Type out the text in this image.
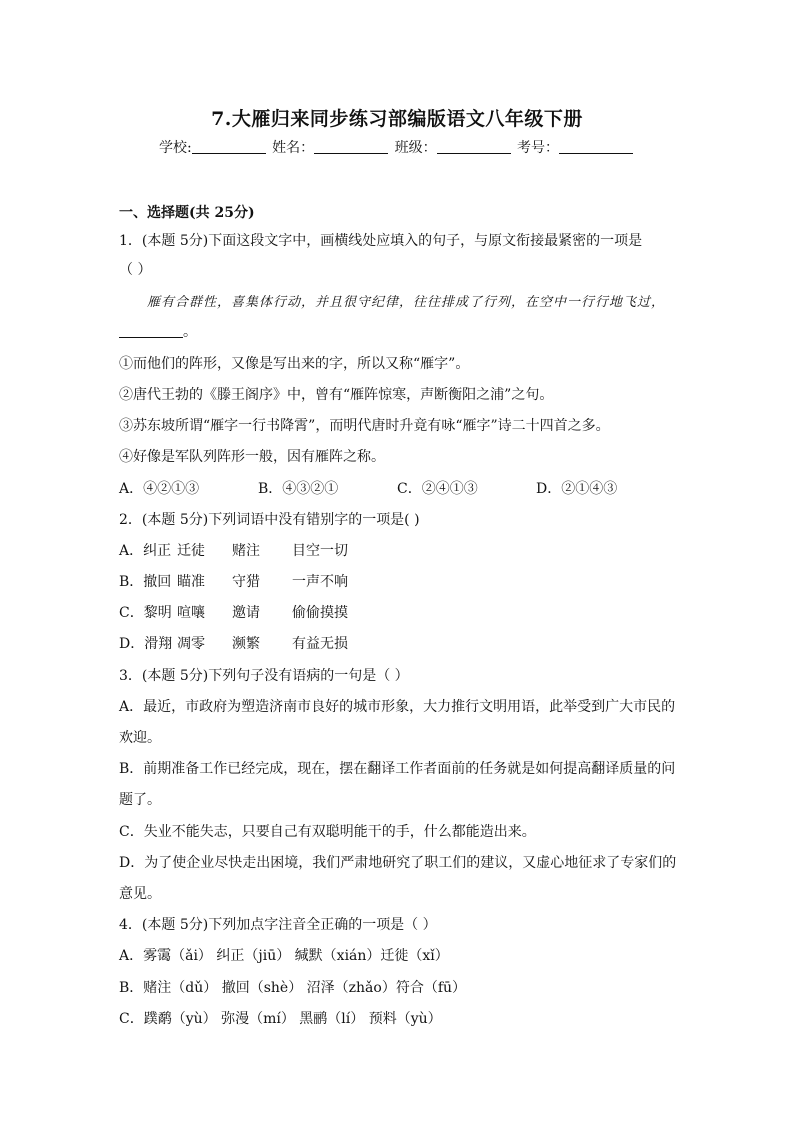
7.大雁归来同步练习部编版语文八年级下册
学校:	姓名：	班级：	考号：
一、选择题(共 25分)
1．(本题 5分)下面这段文字中，画横线处应填入的句子，与原文衔接最紧密的一项是
（ ）
雁有合群性，喜集体行动，并且很守纪律，往往排成了行列，在空中一行行地飞过，
。
①而他们的阵形，又像是写出来的字，所以又称“雁字”。
②唐代王勃的《滕王阁序》中，曾有“雁阵惊寒，声断衡阳之浦”之句。
③苏东坡所谓“雁字一行书降霄”，而明代唐时升竟有咏“雁字”诗二十四首之多。
④好像是军队列阵形一般，因有雁阵之称。
A．④②①③	B．④③②①	C．②④①③	D．②①④③
2．(本题 5分)下列词语中没有错别字的一项是( )
A．纠正 迁徒 赌注 目空一切
B．撤回 瞄准 守猎 一声不响
C．黎明 喧嚷 邀请 偷偷摸摸
D．滑翔 凋零 濒繁 有益无损
3．(本题 5分)下列句子没有语病的一句是（ ）
A．最近，市政府为塑造济南市良好的城市形象，大力推行文明用语，此举受到广大市民的
欢迎。
B．前期准备工作已经完成，现在，摆在翻译工作者面前的任务就是如何提高翻译质量的问
题了。
C．失业不能失志，只要自己有双聪明能干的手，什么都能造出来。
D．为了使企业尽快走出困境，我们严肃地研究了职工们的建议，又虚心地征求了专家们的
意见。
4．(本题 5分)下列加点字注音全正确的一项是（ ）
A．雾霭（ǎi） 纠正（jiū） 缄默（xián）迁徙（xǐ）
B．赌注（dǔ） 撤回（shè） 沼泽（zhǎo）符合（fū）
C．蹼鹬（yù） 弥漫（mí） 黑鹂（lí） 预料（yù）
